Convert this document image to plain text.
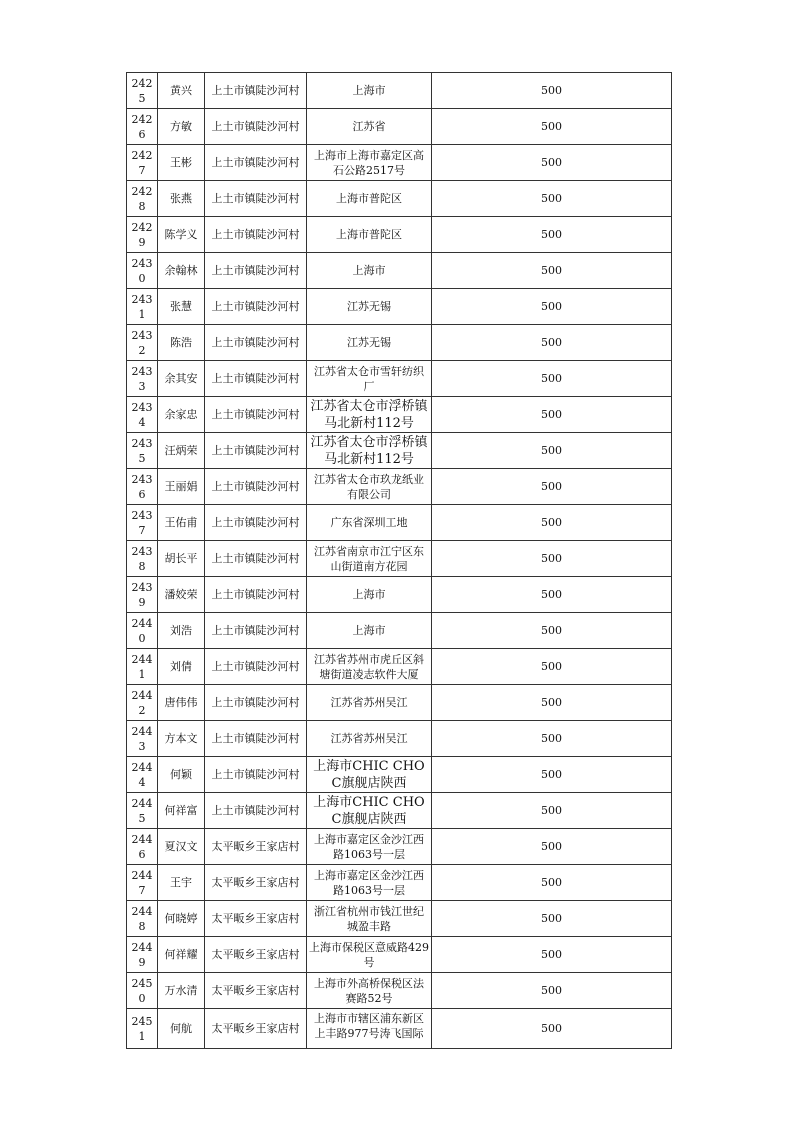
2425	黄兴	上土市镇陡沙河村	上海市	500
2426	方敏	上土市镇陡沙河村	江苏省	500
2427	王彬	上土市镇陡沙河村	上海市上海市嘉定区高石公路2517号	500
2428	张燕	上土市镇陡沙河村	上海市普陀区	500
2429	陈学义	上土市镇陡沙河村	上海市普陀区	500
2430	余翰林	上土市镇陡沙河村	上海市	500
2431	张慧	上土市镇陡沙河村	江苏无锡	500
2432	陈浩	上土市镇陡沙河村	江苏无锡	500
2433	余其安	上土市镇陡沙河村	江苏省太仓市雪轩纺织厂	500
2434	余家忠	上土市镇陡沙河村	江苏省太仓市浮桥镇马北新村112号	500
2435	汪炳荣	上土市镇陡沙河村	江苏省太仓市浮桥镇马北新村112号	500
2436	王丽娟	上土市镇陡沙河村	江苏省太仓市玖龙纸业有限公司	500
2437	王佑甫	上土市镇陡沙河村	广东省深圳工地	500
2438	胡长平	上土市镇陡沙河村	江苏省南京市江宁区东山街道南方花园	500
2439	潘姣荣	上土市镇陡沙河村	上海市	500
2440	刘浩	上土市镇陡沙河村	上海市	500
2441	刘倩	上土市镇陡沙河村	江苏省苏州市虎丘区斜塘街道凌志软件大厦	500
2442	唐伟伟	上土市镇陡沙河村	江苏省苏州吴江	500
2443	方本文	上土市镇陡沙河村	江苏省苏州吴江	500
2444	何颖	上土市镇陡沙河村	上海市CHIC CHOC旗舰店陕西	500
2445	何祥富	上土市镇陡沙河村	上海市CHIC CHOC旗舰店陕西	500
2446	夏汉文	太平畈乡王家店村	上海市嘉定区金沙江西路1063号一层	500
2447	王宇	太平畈乡王家店村	上海市嘉定区金沙江西路1063号一层	500
2448	何晓婷	太平畈乡王家店村	浙江省杭州市钱江世纪城盈丰路	500
2449	何祥耀	太平畈乡王家店村	上海市保税区意威路429号	500
2450	万水清	太平畈乡王家店村	上海市外高桥保税区法赛路52号	500
2451	何航	太平畈乡王家店村	上海市市辖区浦东新区上丰路977号涛飞国际	500
